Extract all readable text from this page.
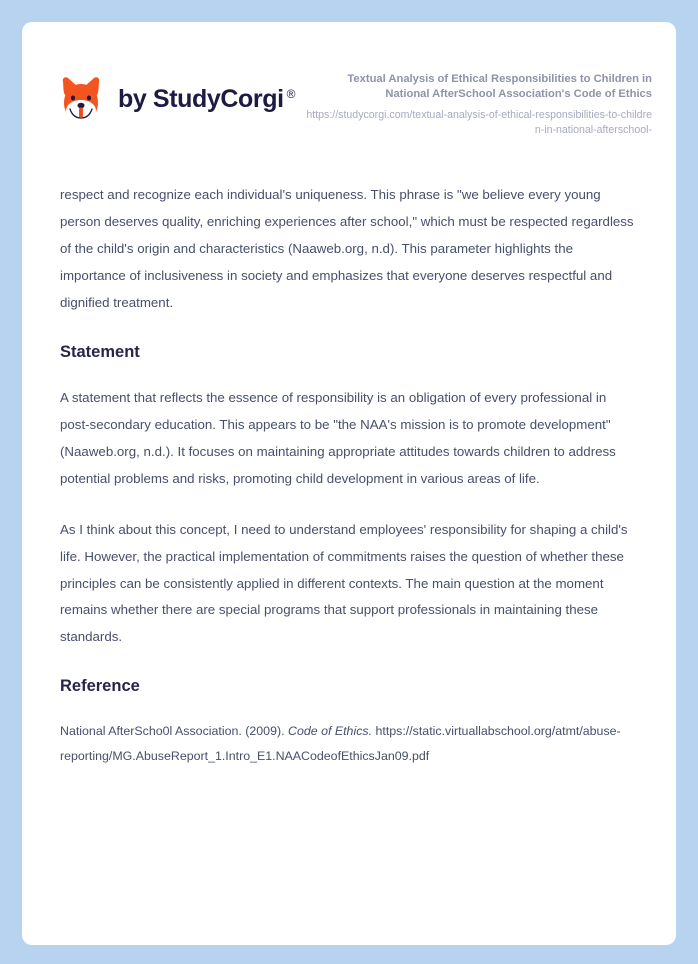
by StudyCorgi ®
Textual Analysis of Ethical Responsibilities to Children in National AfterSchool Association's Code of Ethics
https://studycorgi.com/textual-analysis-of-ethical-responsibilities-to-children-in-national-afterschool-

respect and recognize each individual's uniqueness. This phrase is "we believe every young person deserves quality, enriching experiences after school," which must be respected regardless of the child's origin and characteristics (Naaweb.org, n.d). This parameter highlights the importance of inclusiveness in society and emphasizes that everyone deserves respectful and dignified treatment.

Statement

A statement that reflects the essence of responsibility is an obligation of every professional in post-secondary education. This appears to be "the NAA's mission is to promote development" (Naaweb.org, n.d.). It focuses on maintaining appropriate attitudes towards children to address potential problems and risks, promoting child development in various areas of life.

As I think about this concept, I need to understand employees' responsibility for shaping a child's life. However, the practical implementation of commitments raises the question of whether these principles can be consistently applied in different contexts. The main question at the moment remains whether there are special programs that support professionals in maintaining these standards.

Reference

National AfterScho0l Association. (2009). Code of Ethics. https://static.virtuallabschool.org/atmt/abuse-reporting/MG.AbuseReport_1.Intro_E1.NAACodeofEthicsJan09.pdf
